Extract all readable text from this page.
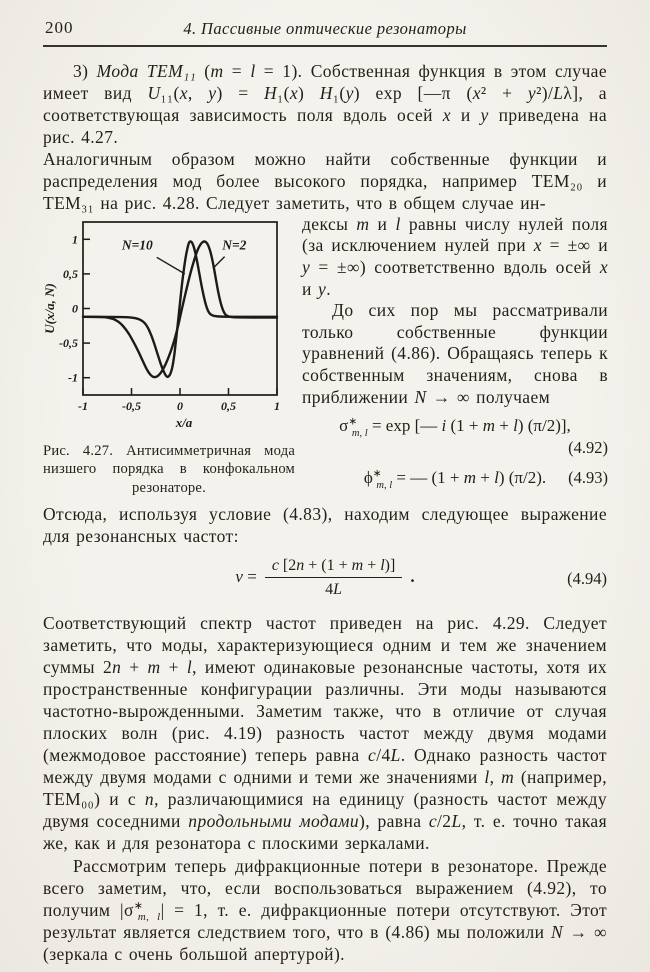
200	4. Пассивные оптические резонаторы

3) Мода ТЕМ₁₁ (m = l = 1). Собственная функция в этом случае имеет вид U₁₁(x, y) = H₁(x) H₁(y) exp [—π (x² + y²)/Lλ], а соответствующая зависимость поля вдоль осей x и y приведена на рис. 4.27.

Аналогичным образом можно найти собственные функции и распределения мод более высокого порядка, например ТЕМ₂₀ и ТЕМ₃₁ на рис. 4.28. Следует заметить, что в общем случае ин-

1
0,5
0
-0,5
-1
-1	-0,5	0	0,5	1
x/a
U(x/a, N)
N=10	N=2
Рис. 4.27. Антисимметричная мода низшего порядка в конфокальном резонаторе.

дексы m и l равны числу нулей поля (за исключением нулей при x = ±∞ и y = ±∞) соответственно вдоль осей x и y.

До сих пор мы рассматривали только собственные функции уравнений (4.86). Обращаясь теперь к собственным значениям, снова в приближении N → ∞ получаем

$\sigma^∗_{m, l} = \exp$ [— i (1 + m + l) (π/2)],
(4.92)
$\phi^∗_{m, l}$ = — (1 + m + l) (π/2). (4.93)

Отсюда, используя условие (4.83), находим следующее выражение для резонансных частот:

$\nu = \frac{c [2n + (1 + m + l)]}{4L}$ .	(4.94)

Соответствующий спектр частот приведен на рис. 4.29. Следует заметить, что моды, характеризующиеся одним и тем же значением суммы 2n + m + l, имеют одинаковые резонансные частоты, хотя их пространственные конфигурации различны. Эти моды называются частотно-вырожденными. Заметим также, что в отличие от случая плоских волн (рис. 4.19) разность частот между двумя модами (межмодовое расстояние) теперь равна c/4L. Однако разность частот между двумя модами с одними и теми же значениями l, m (например, ТЕМ₀₀) и с n, различающимися на единицу (разность частот между двумя соседними продольными модами), равна c/2L, т. е. точно такая же, как и для резонатора с плоскими зеркалами.

Рассмотрим теперь дифракционные потери в резонаторе. Прежде всего заметим, что, если воспользоваться выражением (4.92), то получим $|\sigma^∗_{m, l}| = 1$, т. е. дифракционные потери отсутствуют. Этот результат является следствием того, что в (4.86) мы положили N → ∞ (зеркала с очень большой апертурой).
